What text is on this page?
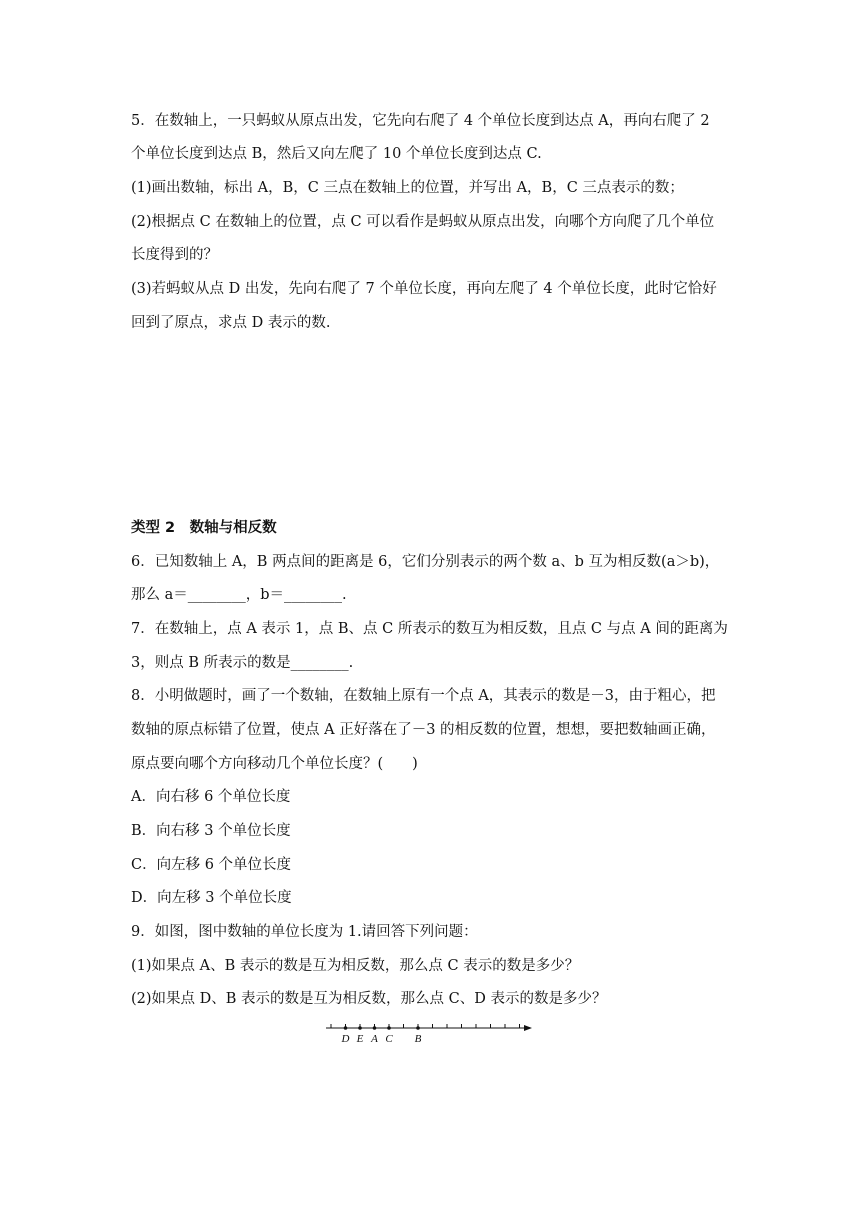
5．在数轴上，一只蚂蚁从原点出发，它先向右爬了 4 个单位长度到达点 A，再向右爬了 2

个单位长度到达点 B，然后又向左爬了 10 个单位长度到达点 C.

(1)画出数轴，标出 A，B，C 三点在数轴上的位置，并写出 A，B，C 三点表示的数；

(2)根据点 C 在数轴上的位置，点 C 可以看作是蚂蚁从原点出发，向哪个方向爬了几个单位

长度得到的？

(3)若蚂蚁从点 D 出发，先向右爬了 7 个单位长度，再向左爬了 4 个单位长度，此时它恰好

回到了原点，求点 D 表示的数.

类型 2　数轴与相反数

6．已知数轴上 A，B 两点间的距离是 6，它们分别表示的两个数 a、b 互为相反数(a＞b)，

那么 a＝________，b＝________.

7．在数轴上，点 A 表示 1，点 B、点 C 所表示的数互为相反数，且点 C 与点 A 间的距离为

3，则点 B 所表示的数是________.

8．小明做题时，画了一个数轴，在数轴上原有一个点 A，其表示的数是－3，由于粗心，把

数轴的原点标错了位置，使点 A 正好落在了－3 的相反数的位置，想想，要把数轴画正确，

原点要向哪个方向移动几个单位长度？(　　)

A．向右移 6 个单位长度

B．向右移 3 个单位长度

C．向左移 6 个单位长度

D．向左移 3 个单位长度

9．如图，图中数轴的单位长度为 1.请回答下列问题：

(1)如果点 A、B 表示的数是互为相反数，那么点 C 表示的数是多少？

(2)如果点 D、B 表示的数是互为相反数，那么点 C、D 表示的数是多少？

D E A C B
